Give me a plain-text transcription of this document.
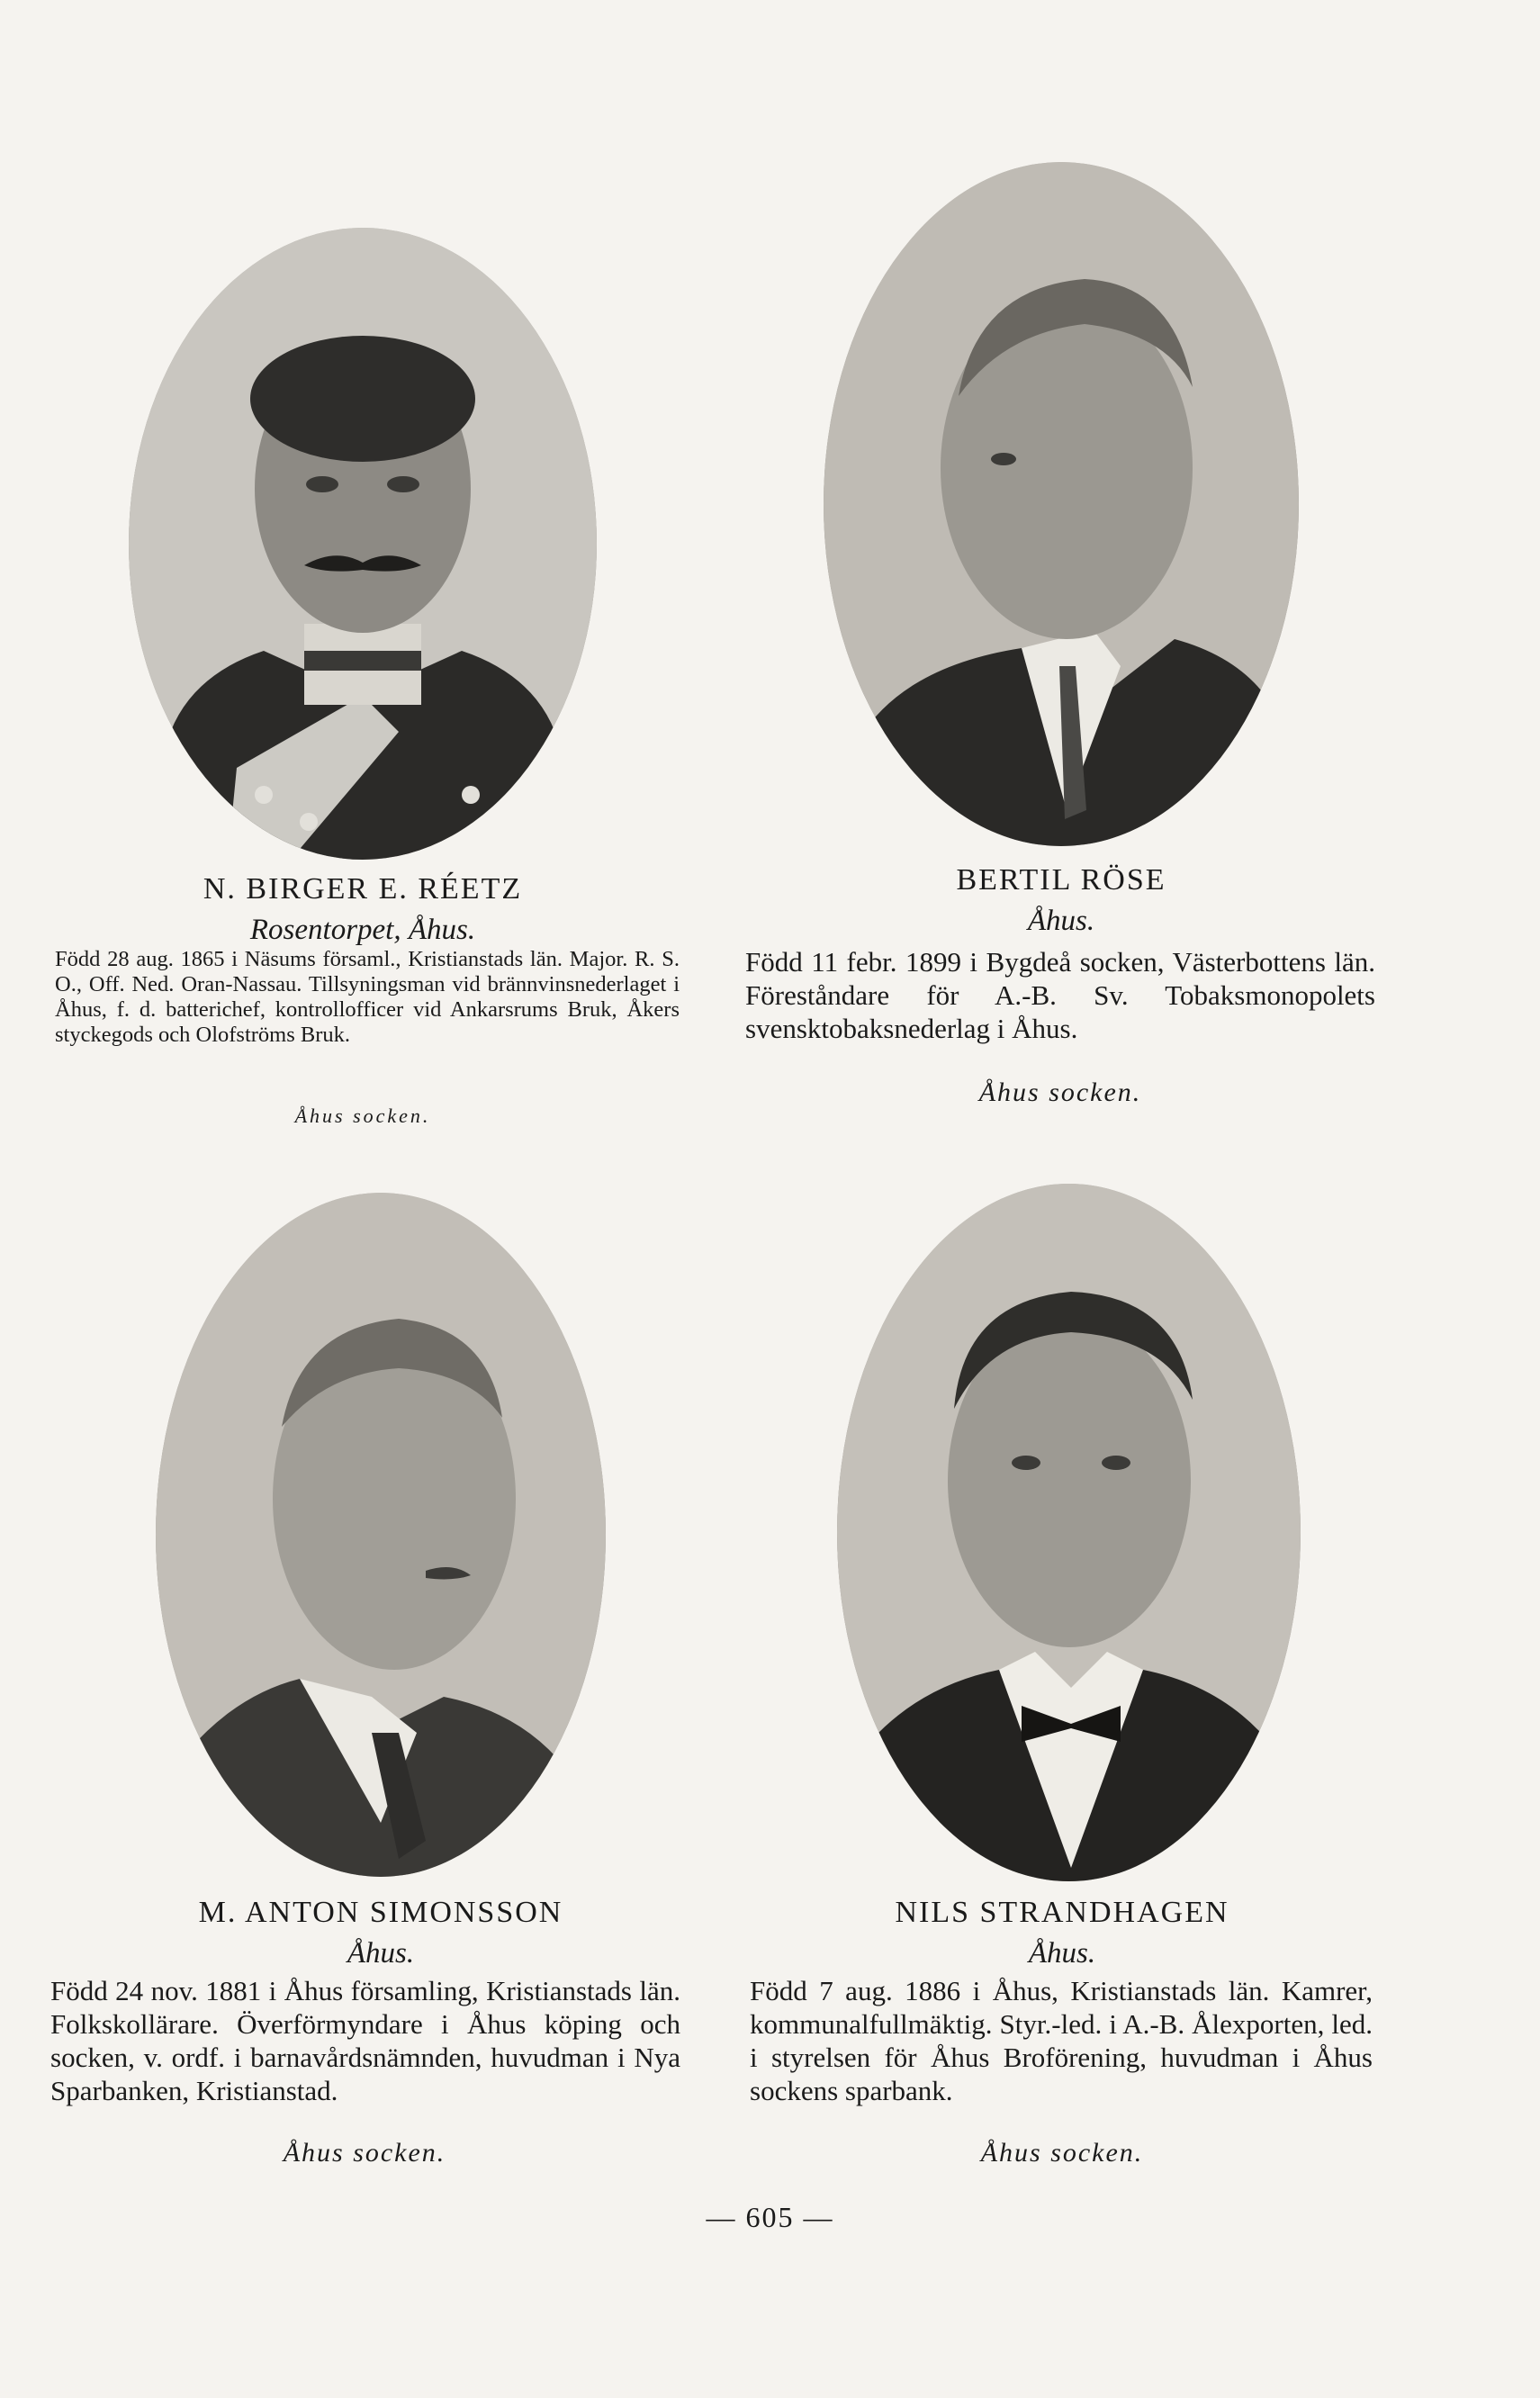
N. BIRGER E. RÉETZ
Rosentorpet, Åhus.
Född 28 aug. 1865 i Näsums församl., Kristianstads län. Major. R. S. O., Off. Ned. Oran-Nassau. Tillsyningsman vid brännvinsnederlaget i Åhus, f. d. batterichef, kontrollofficer vid Ankarsrums Bruk, Åkers styckegods och Olofströms Bruk.
Åhus socken.
BERTIL RÖSE
Åhus.
Född 11 febr. 1899 i Bygdeå socken, Västerbottens län. Föreståndare för A.-B. Sv. Tobaksmonopolets svensktobaksnederlag i Åhus.
Åhus socken.
M. ANTON SIMONSSON
Åhus.
Född 24 nov. 1881 i Åhus församling, Kristianstads län. Folkskollärare. Överförmyndare i Åhus köping och socken, v. ordf. i barnavårdsnämnden, huvudman i Nya Sparbanken, Kristianstad.
Åhus socken.
NILS STRANDHAGEN
Åhus.
Född 7 aug. 1886 i Åhus, Kristianstads län. Kamrer, kommunalfullmäktig. Styr.-led. i A.-B. Ålexporten, led. i styrelsen för Åhus Broförening, huvudman i Åhus sockens sparbank.
Åhus socken.
— 605 —
